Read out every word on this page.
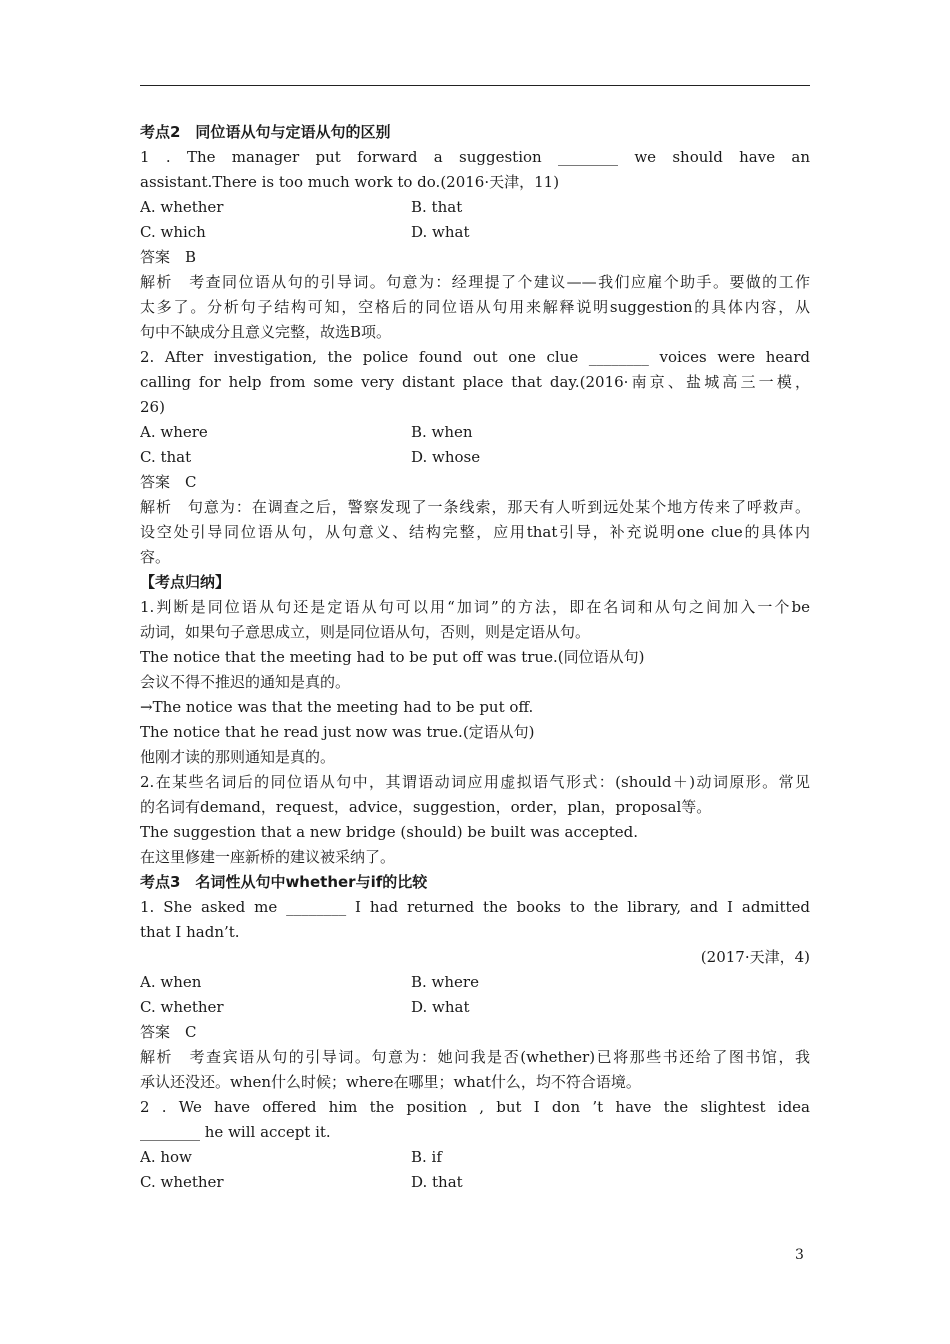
考点2　同位语从句与定语从句的区别
1 . The manager put forward a suggestion ________ we should have an
assistant.There is too much work to do.(2016·天津，11)
A. whether	B. that
C. which	D. what
答案　B
解析　考查同位语从句的引导词。句意为：经理提了个建议——我们应雇个助手。要做的工作
太多了。分析句子结构可知，空格后的同位语从句用来解释说明suggestion的具体内容，从
句中不缺成分且意义完整，故选B项。
2. After investigation, the police found out one clue ________ voices were heard
calling for help from some very distant place that day.(2016·南京、盐城高三一模，
26)
A. where	B. when
C. that	D. whose
答案　C
解析　句意为：在调查之后，警察发现了一条线索，那天有人听到远处某个地方传来了呼救声。
设空处引导同位语从句，从句意义、结构完整，应用that引导，补充说明one clue的具体内
容。
【考点归纳】
1.判断是同位语从句还是定语从句可以用“加词”的方法，即在名词和从句之间加入一个be
动词，如果句子意思成立，则是同位语从句，否则，则是定语从句。
The notice that the meeting had to be put off was true.(同位语从句)
会议不得不推迟的通知是真的。
→The notice was that the meeting had to be put off.
The notice that he read just now was true.(定语从句)
他刚才读的那则通知是真的。
2.在某些名词后的同位语从句中，其谓语动词应用虚拟语气形式：(should＋)动词原形。常见
的名词有demand，request，advice，suggestion，order，plan，proposal等。
The suggestion that a new bridge (should) be built was accepted.
在这里修建一座新桥的建议被采纳了。
考点3　名词性从句中whether与if的比较
1. She asked me ________ I had returned the books to the library, and I admitted
that I hadn’t.
(2017·天津，4)
A. when	B. where
C. whether	D. what
答案　C
解析　考查宾语从句的引导词。句意为：她问我是否(whether)已将那些书还给了图书馆，我
承认还没还。when什么时候；where在哪里；what什么，均不符合语境。
2 . We have offered him the position , but I don ’t have the slightest idea
________ he will accept it.
A. how	B. if
C. whether	D. that
3
